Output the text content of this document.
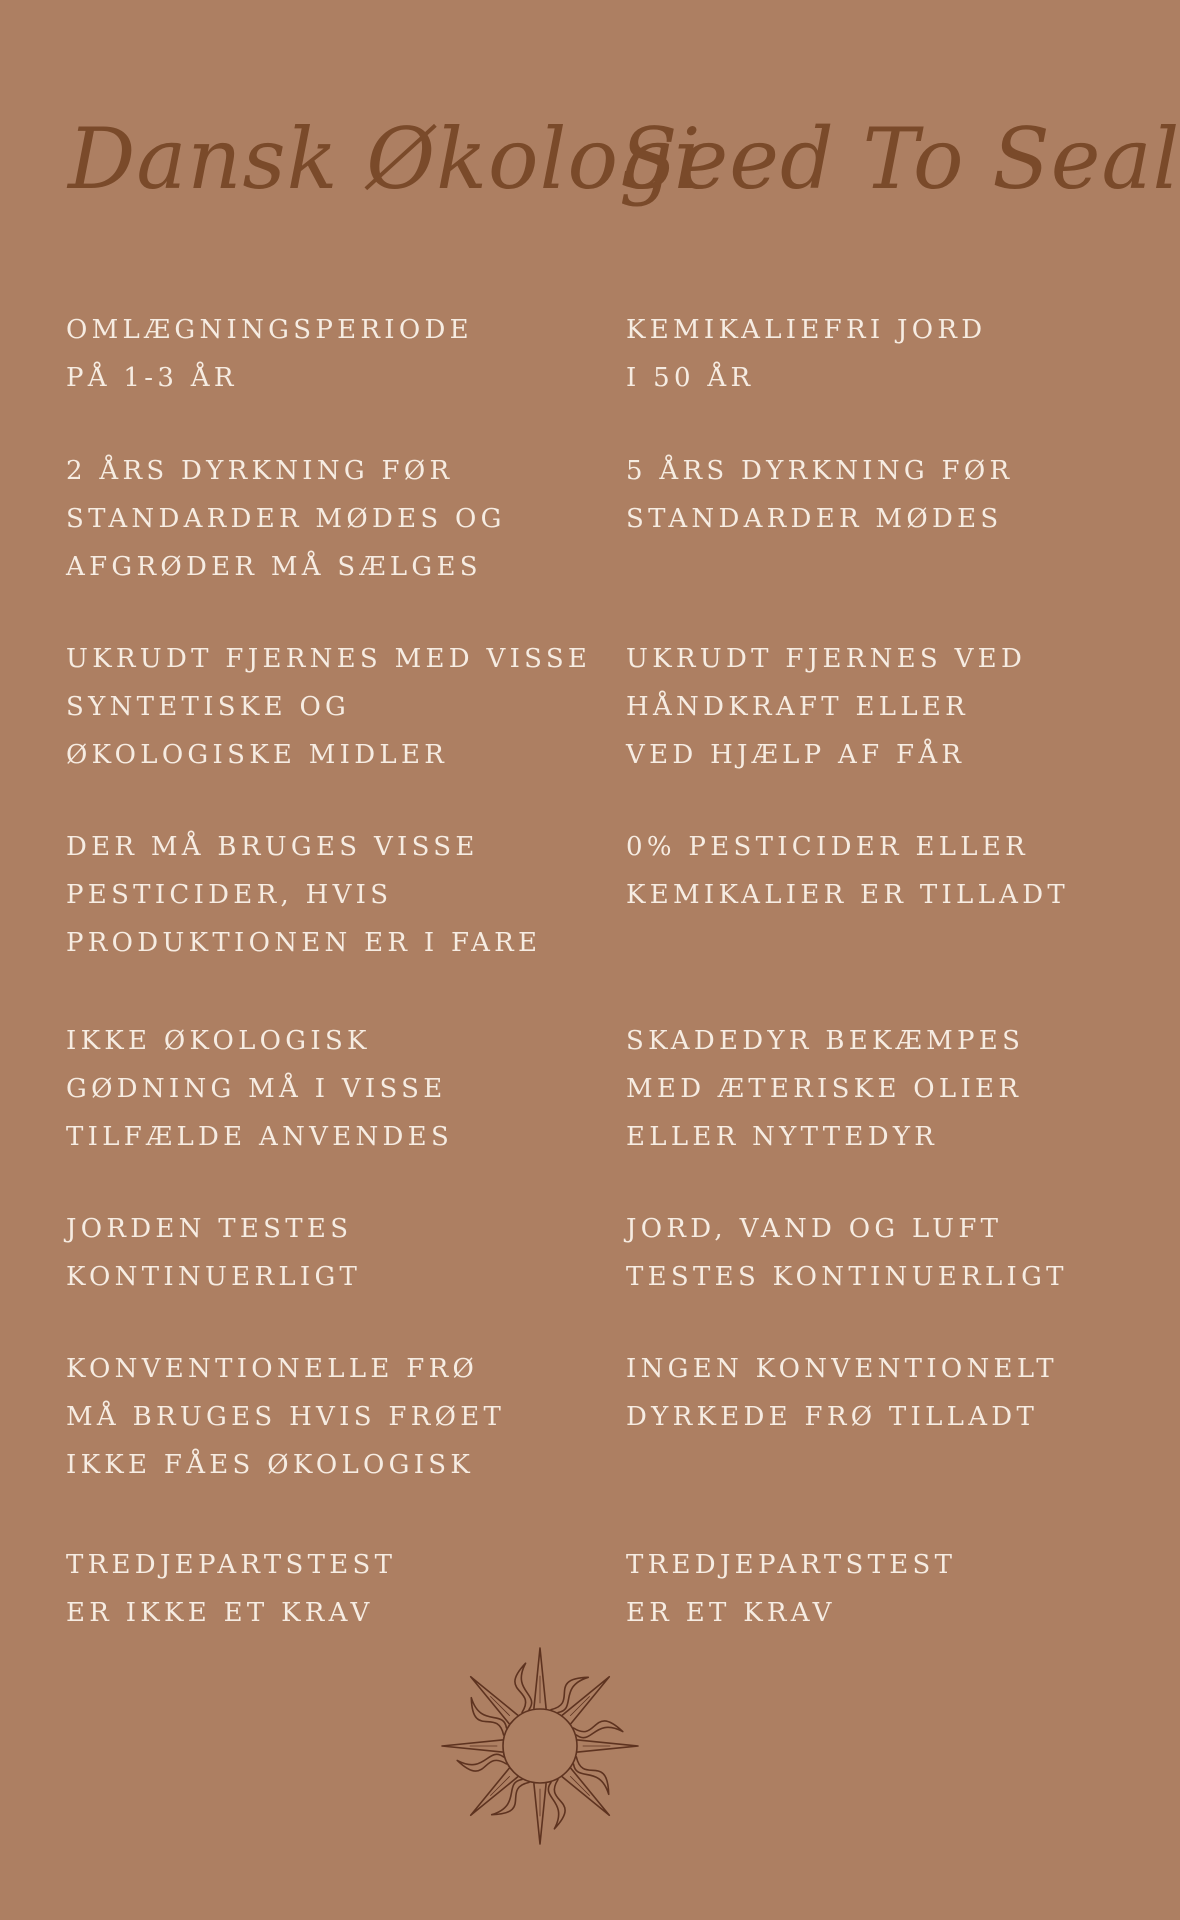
Dansk Økologi
Seed To Seal
OMLÆGNINGSPERIODE
PÅ 1-3 ÅR
KEMIKALIEFRI JORD
I 50 ÅR
2 ÅRS DYRKNING FØR
STANDARDER MØDES OG
AFGRØDER MÅ SÆLGES
5 ÅRS DYRKNING FØR
STANDARDER MØDES
UKRUDT FJERNES MED VISSE
SYNTETISKE OG
ØKOLOGISKE MIDLER
UKRUDT FJERNES VED
HÅNDKRAFT ELLER
VED HJÆLP AF FÅR
DER MÅ BRUGES VISSE
PESTICIDER, HVIS
PRODUKTIONEN ER I FARE
0% PESTICIDER ELLER
KEMIKALIER ER TILLADT
IKKE ØKOLOGISK
GØDNING MÅ I VISSE
TILFÆLDE ANVENDES
SKADEDYR BEKÆMPES
MED ÆTERISKE OLIER
ELLER NYTTEDYR
JORDEN TESTES
KONTINUERLIGT
JORD, VAND OG LUFT
TESTES KONTINUERLIGT
KONVENTIONELLE FRØ
MÅ BRUGES HVIS FRØET
IKKE FÅES ØKOLOGISK
INGEN KONVENTIONELT
DYRKEDE FRØ TILLADT
TREDJEPARTSTEST
ER IKKE ET KRAV
TREDJEPARTSTEST
ER ET KRAV
